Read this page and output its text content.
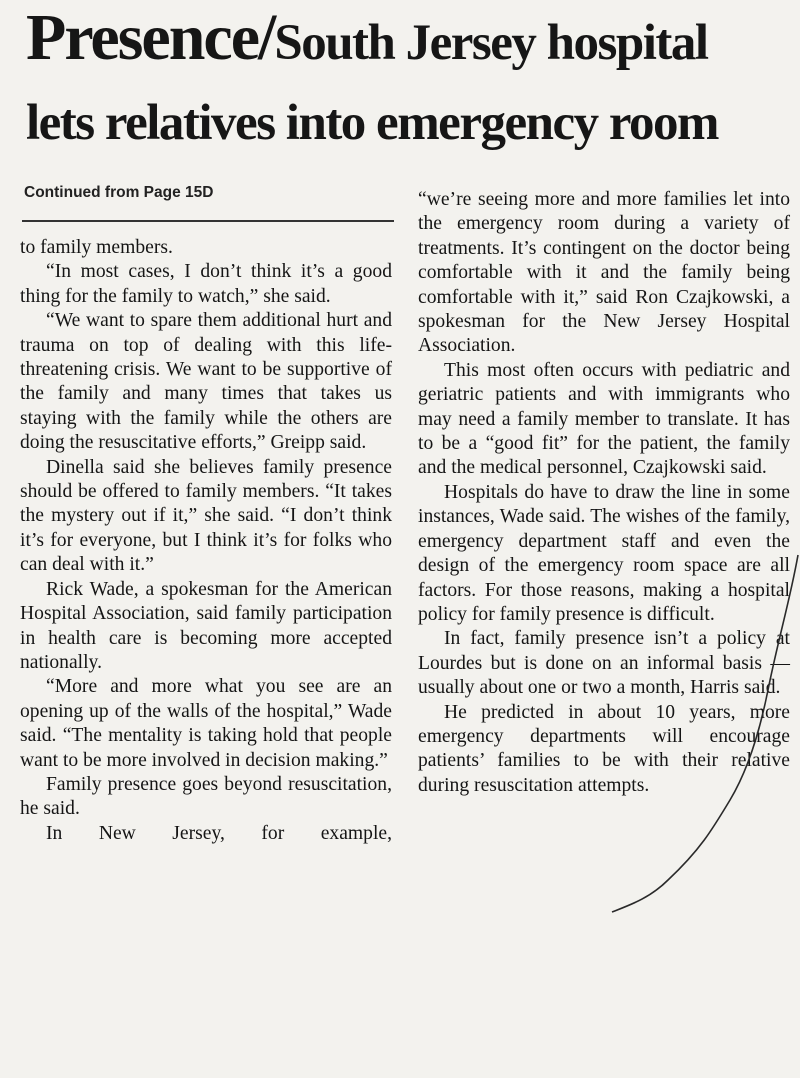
Presence/South Jersey hospital
lets relatives into emergency room
Continued from Page 15D

to family members.

“In most cases, I don’t think it’s a good thing for the family to watch,” she said.

“We want to spare them additional hurt and trauma on top of dealing with this life-threatening crisis. We want to be supportive of the family and many times that takes us staying with the family while the others are doing the resuscitative efforts,” Greipp said.

Dinella said she believes family presence should be offered to family members. “It takes the mystery out if it,” she said. “I don’t think it’s for everyone, but I think it’s for folks who can deal with it.”

Rick Wade, a spokesman for the American Hospital Association, said family participation in health care is becoming more accepted nationally.

“More and more what you see are an opening up of the walls of the hospital,” Wade said. “The mentality is taking hold that people want to be more involved in decision making.”

Family presence goes beyond resuscitation, he said.

In New Jersey, for example,

“we’re seeing more and more families let into the emergency room during a variety of treatments. It’s contingent on the doctor being comfortable with it and the family being comfortable with it,” said Ron Czajkowski, a spokesman for the New Jersey Hospital Association.

This most often occurs with pediatric and geriatric patients and with immigrants who may need a family member to translate. It has to be a “good fit” for the patient, the family and the medical personnel, Czajkowski said.

Hospitals do have to draw the line in some instances, Wade said. The wishes of the family, emergency department staff and even the design of the emergency room space are all factors. For those reasons, making a hospital policy for family presence is difficult.

In fact, family presence isn’t a policy at Lourdes but is done on an informal basis — usually about one or two a month, Harris said.

He predicted in about 10 years, more emergency departments will encourage patients’ families to be with their relative during resuscitation attempts.
